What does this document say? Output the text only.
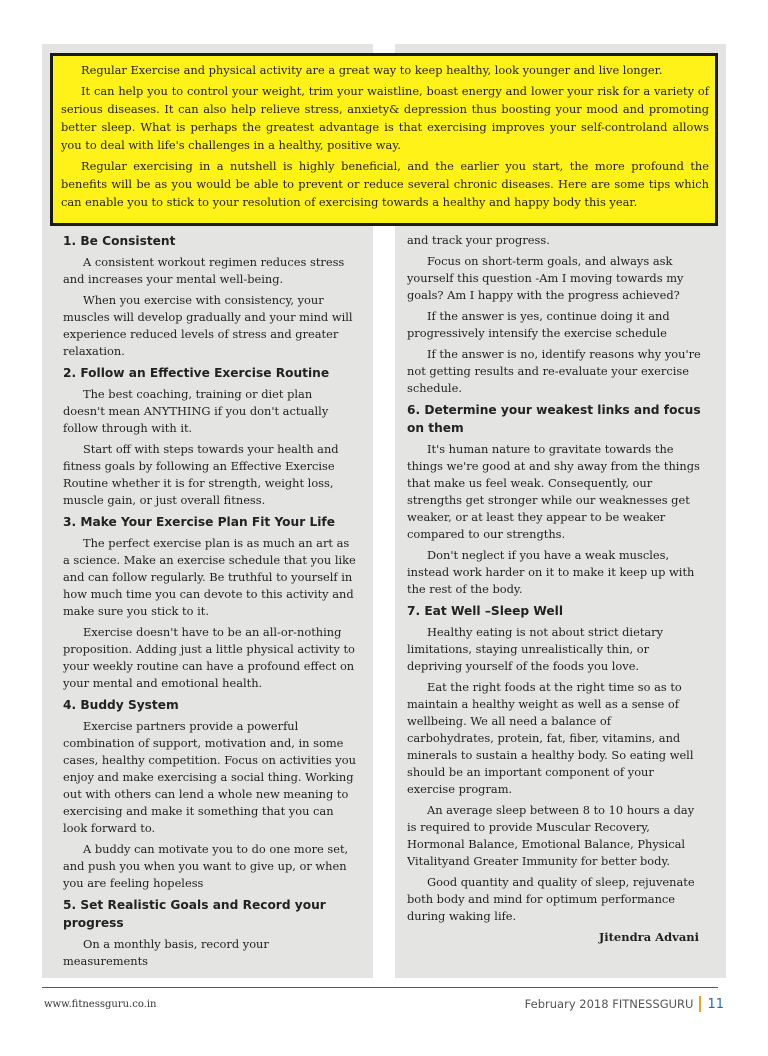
Regular Exercise and physical activity are a great way to keep healthy, look younger and live longer.

It can help you to control your weight, trim your waistline, boast energy and lower your risk for a variety of serious diseases. It can also help relieve stress, anxiety& depression thus boosting your mood and promoting better sleep. What is perhaps the greatest advantage is that exercising improves your self-controland allows you to deal with life's challenges in a healthy, positive way.

Regular exercising in a nutshell is highly beneficial, and the earlier you start, the more profound the benefits will be as you would be able to prevent or reduce several chronic diseases. Here are some tips which can enable you to stick to your resolution of exercising towards a healthy and happy body this year.

1. Be Consistent

A consistent workout regimen reduces stress and increases your mental well-being.

When you exercise with consistency, your muscles will develop gradually and your mind will experience reduced levels of stress and greater relaxation.

2. Follow an Effective Exercise Routine

The best coaching, training or diet plan doesn't mean ANYTHING if you don't actually follow through with it.

Start off with steps towards your health and fitness goals by following an Effective Exercise Routine whether it is for strength, weight loss, muscle gain, or just overall fitness.

3. Make Your Exercise Plan Fit Your Life

The perfect exercise plan is as much an art as a science. Make an exercise schedule that you like and can follow regularly. Be truthful to yourself in how much time you can devote to this activity and make sure you stick to it.

Exercise doesn't have to be an all-or-nothing proposition. Adding just a little physical activity to your weekly routine can have a profound effect on your mental and emotional health.

4. Buddy System

Exercise partners provide a powerful combination of support, motivation and, in some cases, healthy competition. Focus on activities you enjoy and make exercising a social thing. Working out with others can lend a whole new meaning to exercising and make it something that you can look forward to.

A buddy can motivate you to do one more set, and push you when you want to give up, or when you are feeling hopeless

5. Set Realistic Goals and Record your progress

On a monthly basis, record your measurements

and track your progress.

Focus on short-term goals, and always ask yourself this question -Am I moving towards my goals? Am I happy with the progress achieved?

If the answer is yes, continue doing it and progressively intensify the exercise schedule

If the answer is no, identify reasons why you're not getting results and re-evaluate your exercise schedule.

6. Determine your weakest links and focus on them

It's human nature to gravitate towards the things we're good at and shy away from the things that make us feel weak. Consequently, our strengths get stronger while our weaknesses get weaker, or at least they appear to be weaker compared to our strengths.

Don't neglect if you have a weak muscles, instead work harder on it to make it keep up with the rest of the body.

7. Eat Well –Sleep Well

Healthy eating is not about strict dietary limitations, staying unrealistically thin, or depriving yourself of the foods you love.

Eat the right foods at the right time so as to maintain a healthy weight as well as a sense of wellbeing. We all need a balance of carbohydrates, protein, fat, fiber, vitamins, and minerals to sustain a healthy body. So eating well should be an important component of your exercise program.

An average sleep between 8 to 10 hours a day is required to provide Muscular Recovery, Hormonal Balance, Emotional Balance, Physical Vitalityand Greater Immunity for better body.

Good quantity and quality of sleep, rejuvenate both body and mind for optimum performance during waking life.

Jitendra Advani
www.fitnessguru.co.in	February 2018 FITNESSGURU 11
